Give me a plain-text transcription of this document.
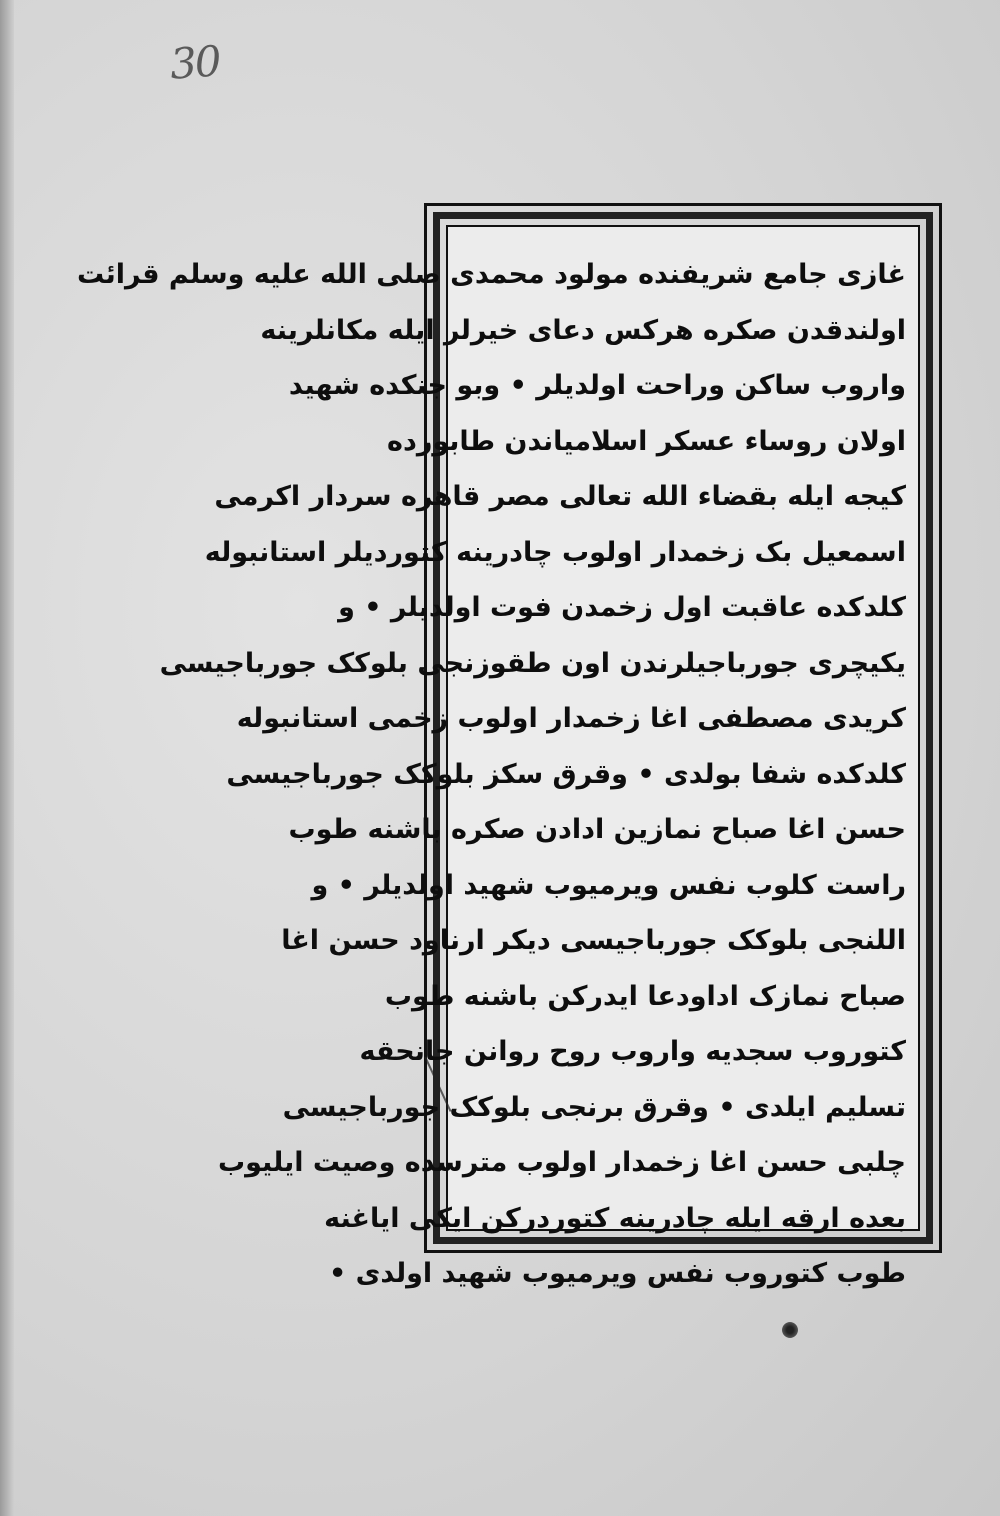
30
غازی جامع شریفنده مولود محمدی صلی الله علیه وسلم قرائت
اولندقدن صکره هرکس دعای خیرلر ایله مکانلرینه
واروب ساکن وراحت اولدیلر • وبو جنکده شهید
اولان روساء عسکر اسلامیاندن طابورده
کیجه ایله بقضاء الله تعالی مصر قاهره سردار اکرمی
اسمعیل بک زخمدار اولوب چادرینه کتوردیلر استانبوله
کلدکده عاقبت اول زخمدن فوت اولدیلر • و
یکیچری جورباجیلرندن اون طقوزنجی بلوکک جورباجیسی
کریدی مصطفی اغا زخمدار اولوب زخمی استانبوله
کلدکده شفا بولدی • وقرق سکز بلوکک جورباجیسی
حسن اغا صباح نمازین ادادن صکره باشنه طوب
راست کلوب نفس ویرمیوب شهید اولدیلر • و
اللنجی بلوکک جورباجیسی دیکر ارناود حسن اغا
صباح نمازک اداودعا ایدرکن باشنه طوب
کتوروب سجدیه واروب روح روانن جانحقه
تسلیم ایلدی • وقرق برنجی بلوکک جورباجیسی
چلبی حسن اغا زخمدار اولوب مترسده وصیت ایلیوب
بعده ارقه ایله چادرینه کتوردرکن ایکی ایاغنه
طوب کتوروب نفس ویرمیوب شهید اولدی •
